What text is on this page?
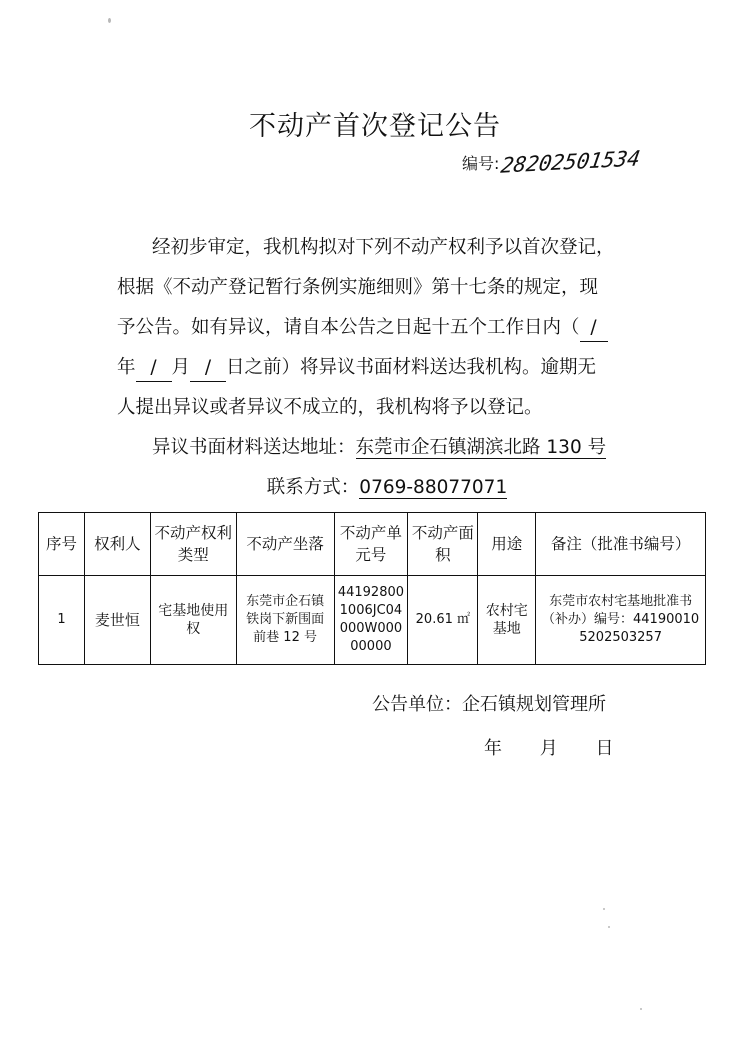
不动产首次登记公告
编号: 28202501534
经初步审定，我机构拟对下列不动产权利予以首次登记，
根据《不动产登记暂行条例实施细则》第十七条的规定，现
予公告。如有异议，请自本公告之日起十五个工作日内（ /
年 / 月 / 日之前）将异议书面材料送达我机构。逾期无
人提出异议或者异议不成立的，我机构将予以登记。
异议书面材料送达地址：东莞市企石镇湖滨北路 130 号
联系方式：0769-88077071
序号	权利人	不动产权利类型	不动产坐落	不动产单元号	不动产面积	用途	备注（批准书编号）
1	麦世恒	宅基地使用权	东莞市企石镇铁岗下新围面前巷 12 号	441928001006JC04000W00000000	20.61 ㎡	农村宅基地	东莞市农村宅基地批准书（补办）编号：441900105202503257
公告单位：企石镇规划管理所
年 月 日
